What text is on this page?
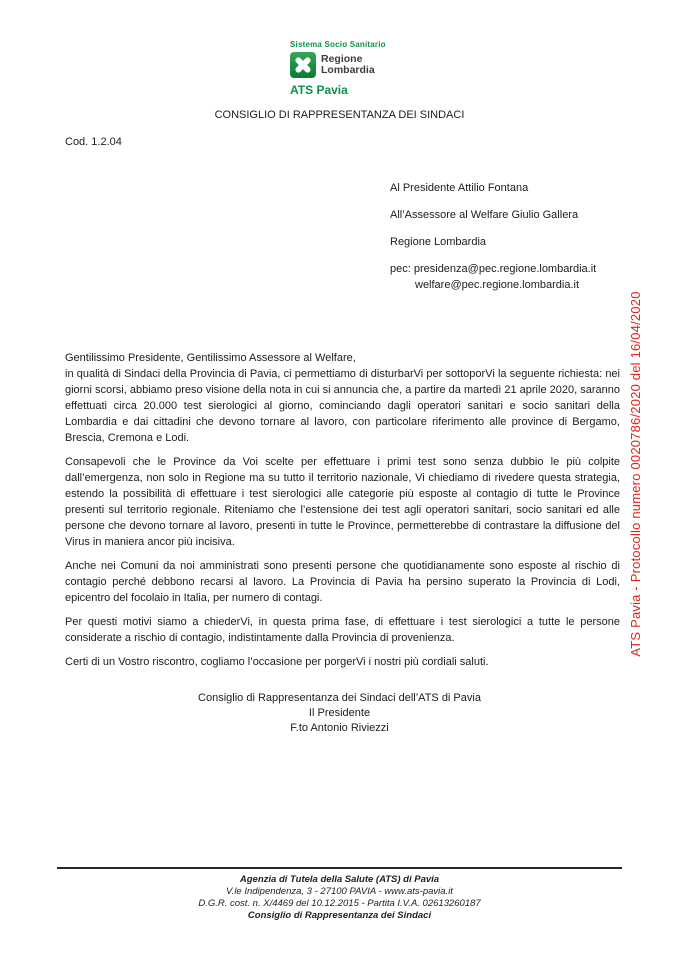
Sistema Socio Sanitario
Regione
Lombardia
ATS Pavia
CONSIGLIO DI RAPPRESENTANZA DEI SINDACI
Cod. 1.2.04
Al Presidente Attilio Fontana
All’Assessore al Welfare Giulio Gallera
Regione Lombardia
pec: presidenza@pec.regione.lombardia.it
welfare@pec.regione.lombardia.it
Gentilissimo Presidente, Gentilissimo Assessore al Welfare,

in qualità di Sindaci della Provincia di Pavia, ci permettiamo di disturbarVi per sottoporVi la seguente richiesta: nei giorni scorsi, abbiamo preso visione della nota in cui si annuncia che, a partire da martedì 21 aprile 2020, saranno effettuati circa 20.000 test sierologici al giorno, cominciando dagli operatori sanitari e socio sanitari della Lombardia e dai cittadini che devono tornare al lavoro, con particolare riferimento alle province di Bergamo, Brescia, Cremona e Lodi.

Consapevoli che le Province da Voi scelte per effettuare i primi test sono senza dubbio le più colpite dall’emergenza, non solo in Regione ma su tutto il territorio nazionale, Vi chiediamo di rivedere questa strategia, estendo la possibilità di effettuare i test sierologici alle categorie più esposte al contagio di tutte le Province presenti sul territorio regionale. Riteniamo che l’estensione dei test agli operatori sanitari, socio sanitari ed alle persone che devono tornare al lavoro, presenti in tutte le Province, permetterebbe di contrastare la diffusione del Virus in maniera ancor più incisiva.

Anche nei Comuni da noi amministrati sono presenti persone che quotidianamente sono esposte al rischio di contagio perché debbono recarsi al lavoro. La Provincia di Pavia ha persino superato la Provincia di Lodi, epicentro del focolaio in Italia, per numero di contagi.

Per questi motivi siamo a chiederVi, in questa prima fase, di effettuare i test sierologici a tutte le persone considerate a rischio di contagio, indistintamente dalla Provincia di provenienza.

Certi di un Vostro riscontro, cogliamo l’occasione per porgerVi i nostri più cordiali saluti.

Consiglio di Rappresentanza dei Sindaci dell’ATS di Pavia
Il Presidente
F.to Antonio Riviezzi
ATS Pavia - Protocollo numero 0020786/2020 del 16/04/2020
Agenzia di Tutela della Salute (ATS) di Pavia
V.le Indipendenza, 3 - 27100 PAVIA - www.ats-pavia.it
D.G.R. cost. n. X/4469 del 10.12.2015 - Partita I.V.A. 02613260187
Consiglio di Rappresentanza dei Sindaci
